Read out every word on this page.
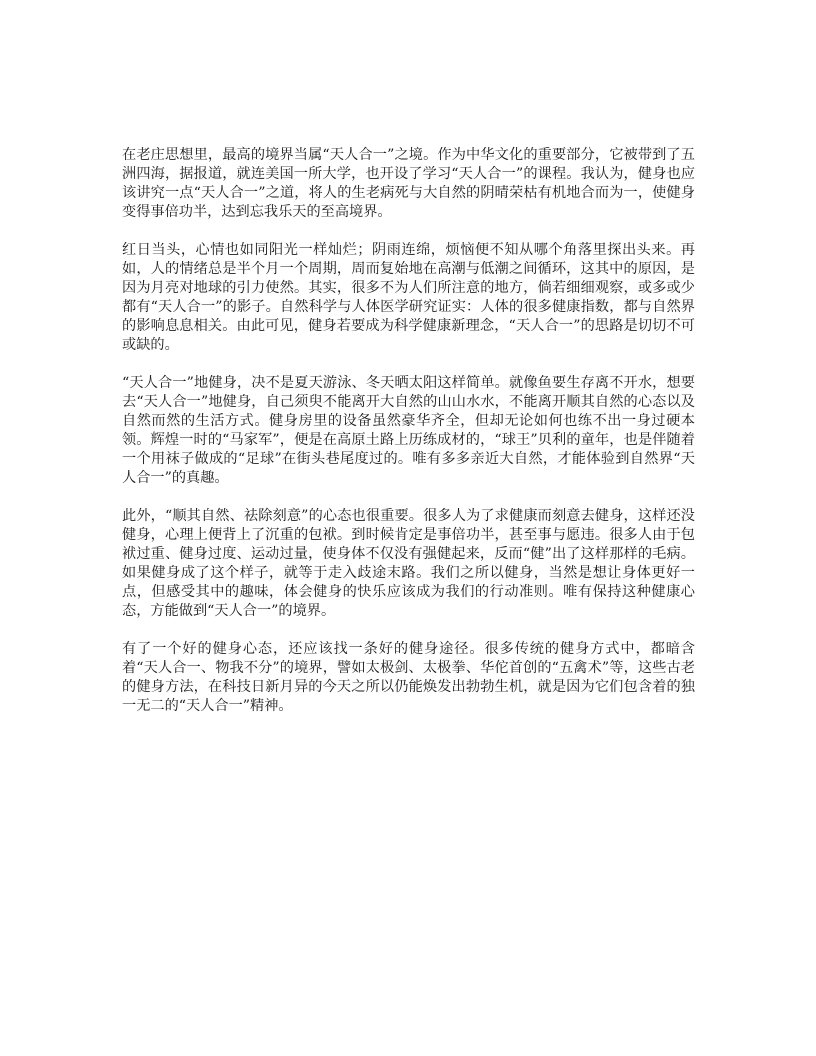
在老庄思想里，最高的境界当属“天人合一”之境。作为中华文化的重要部分，它被带到了五洲四海，据报道，就连美国一所大学，也开设了学习“天人合一”的课程。我认为，健身也应该讲究一点“天人合一”之道，将人的生老病死与大自然的阴晴荣枯有机地合而为一，使健身变得事倍功半，达到忘我乐天的至高境界。

红日当头，心情也如同阳光一样灿烂；阴雨连绵，烦恼便不知从哪个角落里探出头来。再如，人的情绪总是半个月一个周期，周而复始地在高潮与低潮之间循环，这其中的原因，是因为月亮对地球的引力使然。其实，很多不为人们所注意的地方，倘若细细观察，或多或少都有“天人合一”的影子。自然科学与人体医学研究证实：人体的很多健康指数，都与自然界的影响息息相关。由此可见，健身若要成为科学健康新理念，“天人合一”的思路是切切不可或缺的。

“天人合一”地健身，决不是夏天游泳、冬天晒太阳这样简单。就像鱼要生存离不开水，想要去“天人合一”地健身，自己须臾不能离开大自然的山山水水，不能离开顺其自然的心态以及自然而然的生活方式。健身房里的设备虽然豪华齐全，但却无论如何也练不出一身过硬本领。辉煌一时的“马家军”，便是在高原土路上历练成材的，“球王”贝利的童年，也是伴随着一个用袜子做成的“足球”在街头巷尾度过的。唯有多多亲近大自然，才能体验到自然界“天人合一”的真趣。

此外，“顺其自然、祛除刻意”的心态也很重要。很多人为了求健康而刻意去健身，这样还没健身，心理上便背上了沉重的包袱。到时候肯定是事倍功半，甚至事与愿违。很多人由于包袱过重、健身过度、运动过量，使身体不仅没有强健起来，反而“健”出了这样那样的毛病。如果健身成了这个样子，就等于走入歧途末路。我们之所以健身，当然是想让身体更好一点，但感受其中的趣味，体会健身的快乐应该成为我们的行动准则。唯有保持这种健康心态，方能做到“天人合一”的境界。

有了一个好的健身心态，还应该找一条好的健身途径。很多传统的健身方式中，都暗含着“天人合一、物我不分”的境界，譬如太极剑、太极拳、华佗首创的“五禽术”等，这些古老的健身方法，在科技日新月异的今天之所以仍能焕发出勃勃生机，就是因为它们包含着的独一无二的“天人合一”精神。
